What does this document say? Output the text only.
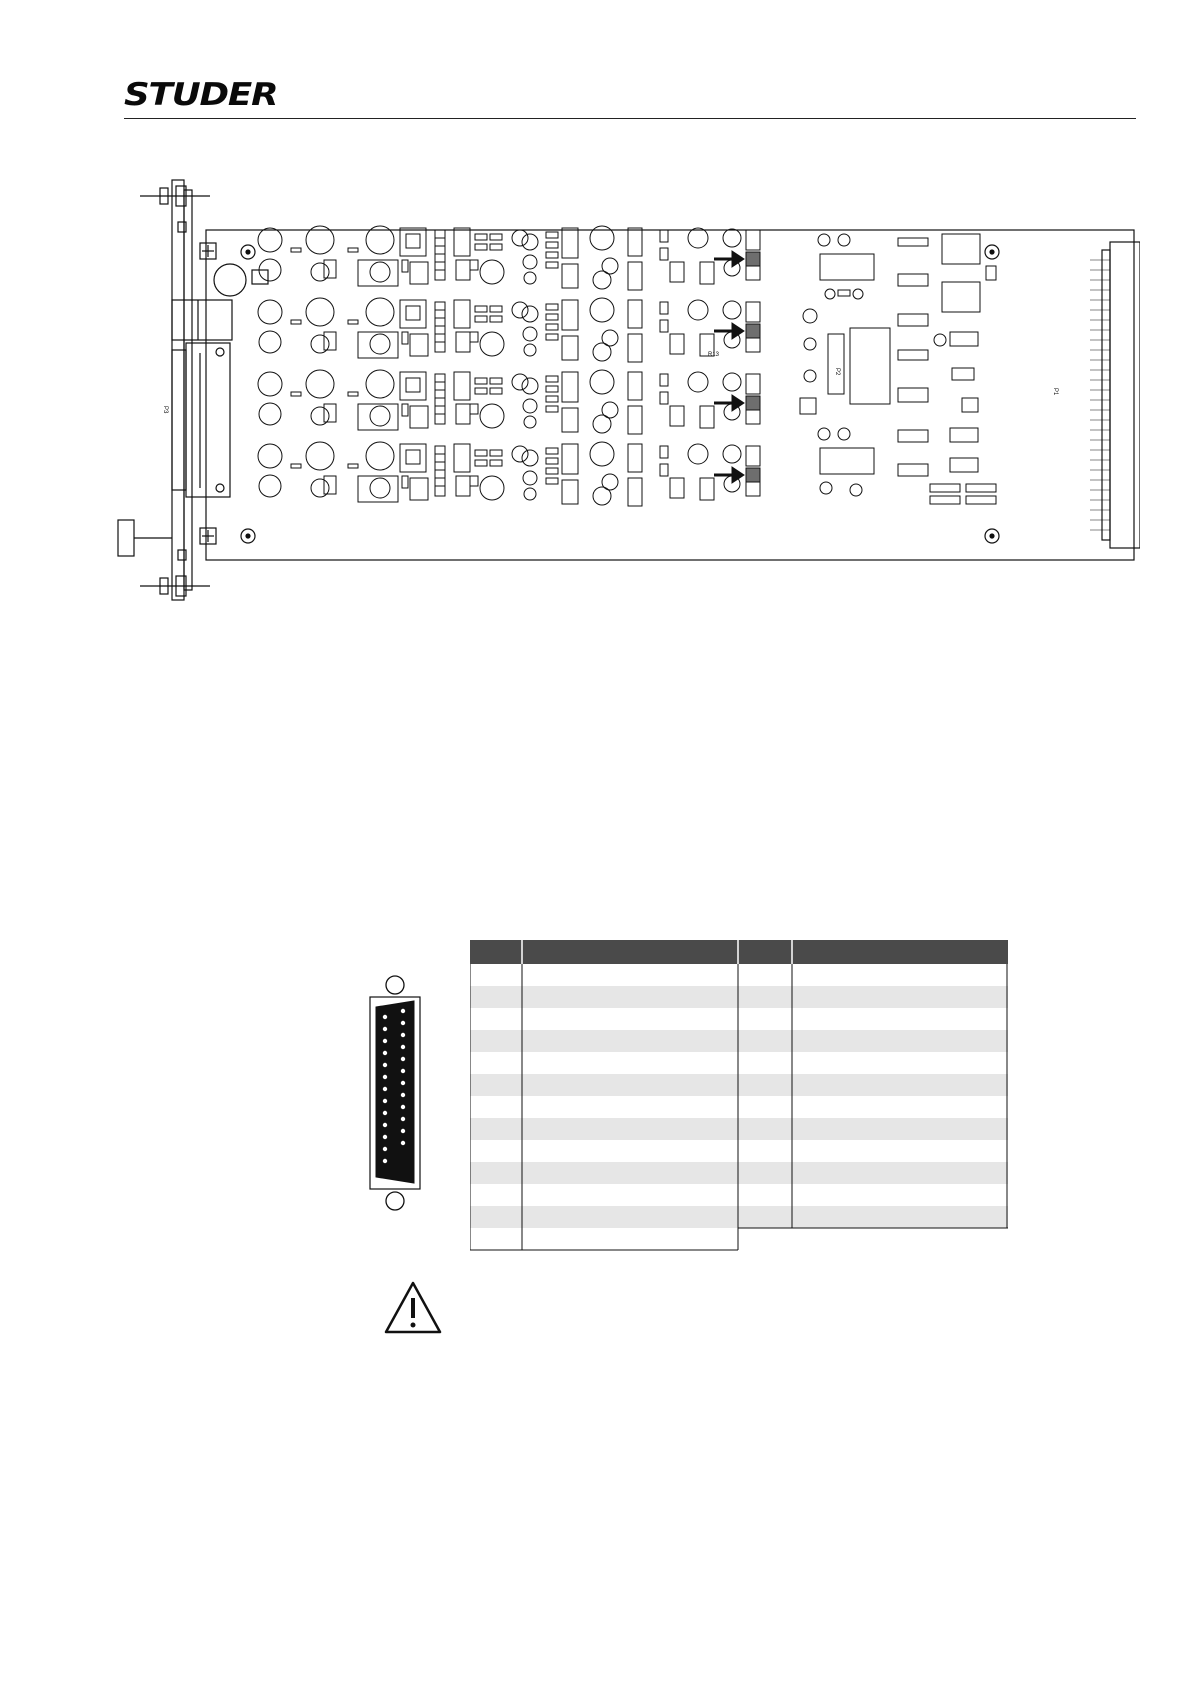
STUDER
P1
P2
P3
R13
